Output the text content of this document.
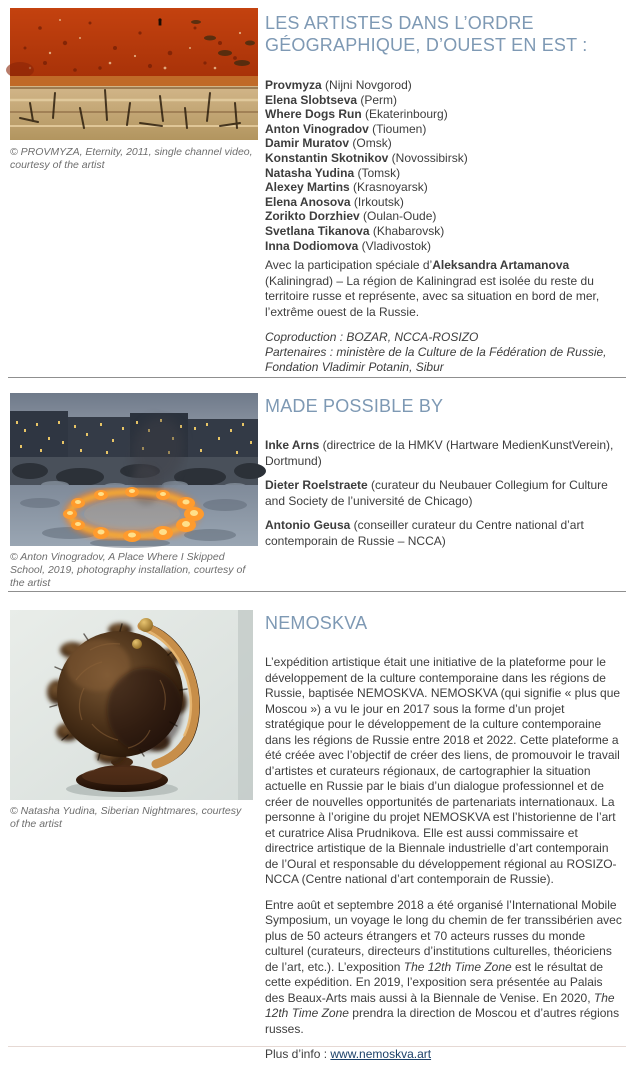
© PROVMYZA, Eternity, 2011, single channel video, courtesy of the artist
LES ARTISTES DANS L’ORDRE GÉOGRAPHIQUE, D’OUEST EN EST :
Provmyza (Nijni Novgorod)
Elena Slobtseva (Perm)
Where Dogs Run (Ekaterinbourg)
Anton Vinogradov (Tioumen)
Damir Muratov (Omsk)
Konstantin Skotnikov (Novossibirsk)
Natasha Yudina (Tomsk)
Alexey Martins (Krasnoyarsk)
Elena Anosova (Irkoutsk)
Zorikto Dorzhiev (Oulan-Oude)
Svetlana Tikanova (Khabarovsk)
Inna Dodiomova (Vladivostok)

Avec la participation spéciale d’Aleksandra Artamanova (Kaliningrad) – La région de Kaliningrad est isolée du reste du territoire russe et représente, avec sa situation en bord de mer, l’extrême ouest de la Russie.

Coproduction : BOZAR, NCCA-ROSIZO
Partenaires : ministère de la Culture de la Fédération de Russie, Fondation Vladimir Potanin, Sibur
© Anton Vinogradov, A Place Where I Skipped School, 2019, photography installation, courtesy of the artist
MADE POSSIBLE BY

Inke Arns (directrice de la HMKV (Hartware MedienKunstVerein), Dortmund)

Dieter Roelstraete (curateur du Neubauer Collegium for Culture and Society de l’université de Chicago)

Antonio Geusa (conseiller curateur du Centre national d’art contemporain de Russie – NCCA)

© Natasha Yudina, Siberian Nightmares, courtesy of the artist
NEMOSKVA

L’expédition artistique était une initiative de la plateforme pour le développement de la culture contemporaine dans les régions de Russie, baptisée NEMOSKVA. NEMOSKVA (qui signifie « plus que Moscou ») a vu le jour en 2017 sous la forme d’un projet stratégique pour le développement de la culture contemporaine dans les régions de Russie entre 2018 et 2022. Cette plateforme a été créée avec l’objectif de créer des liens, de promouvoir le travail d’artistes et curateurs régionaux, de cartographier la situation actuelle en Russie par le biais d’un dialogue professionnel et de créer de nouvelles opportunités de partenariats internationaux. La personne à l’origine du projet NEMOSKVA est l’historienne de l’art et curatrice Alisa Prudnikova. Elle est aussi commissaire et directrice artistique de la Biennale industrielle d’art contemporain de l’Oural et responsable du développement régional au ROSIZO-NCCA (Centre national d’art contemporain de Russie).

Entre août et septembre 2018 a été organisé l’International Mobile Symposium, un voyage le long du chemin de fer transsibérien avec plus de 50 acteurs étrangers et 70 acteurs russes du monde culturel (curateurs, directeurs d’institutions culturelles, théoriciens de l’art, etc.). L’exposition The 12th Time Zone est le résultat de cette expédition. En 2019, l’exposition sera présentée au Palais des Beaux-Arts mais aussi à la Biennale de Venise. En 2020, The 12th Time Zone prendra la direction de Moscou et d’autres régions russes.

Plus d’info : www.nemoskva.art
